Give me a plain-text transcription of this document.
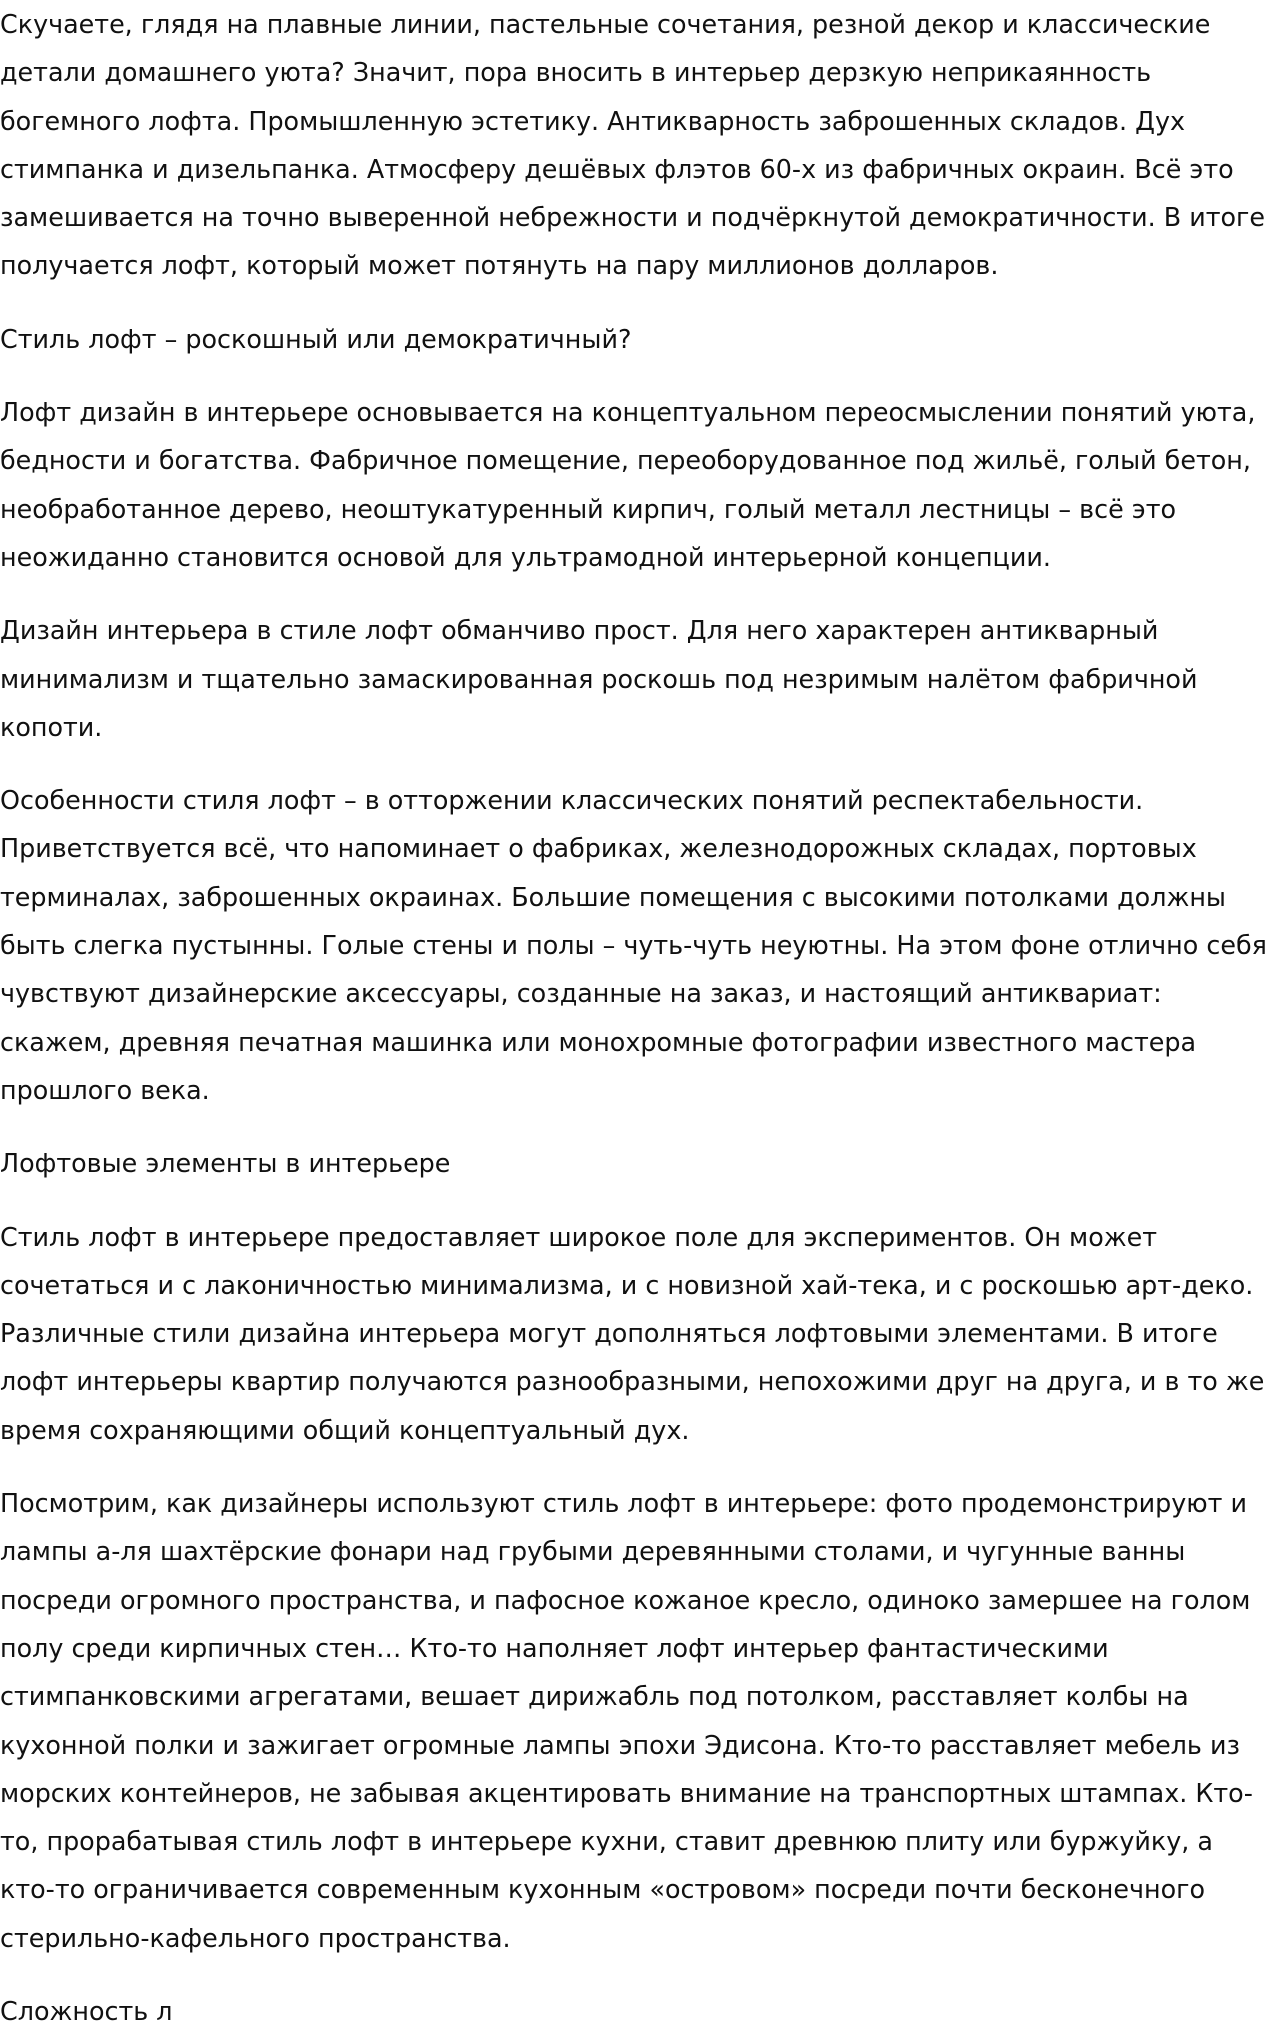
Скучаете, глядя на плавные линии, пастельные сочетания, резной декор и классические детали домашнего уюта? Значит, пора вносить в интерьер дерзкую неприкаянность богемного лофта. Промышленную эстетику. Антикварность заброшенных складов. Дух стимпанка и дизельпанка. Атмосферу дешёвых флэтов 60-х из фабричных окраин. Всё это замешивается на точно выверенной небрежности и подчёркнутой демократичности. В итоге получается лофт, который может потянуть на пару миллионов долларов.

Стиль лофт – роскошный или демократичный?

Лофт дизайн в интерьере основывается на концептуальном переосмыслении понятий уюта, бедности и богатства. Фабричное помещение, переоборудованное под жильё, голый бетон, необработанное дерево, неоштукатуренный кирпич, голый металл лестницы – всё это неожиданно становится основой для ультрамодной интерьерной концепции.

Дизайн интерьера в стиле лофт обманчиво прост. Для него характерен антикварный минимализм и тщательно замаскированная роскошь под незримым налётом фабричной копоти.

Особенности стиля лофт – в отторжении классических понятий респектабельности. Приветствуется всё, что напоминает о фабриках, железнодорожных складах, портовых терминалах, заброшенных окраинах. Большие помещения с высокими потолками должны быть слегка пустынны. Голые стены и полы – чуть-чуть неуютны. На этом фоне отлично себя чувствуют дизайнерские аксессуары, созданные на заказ, и настоящий антиквариат: скажем, древняя печатная машинка или монохромные фотографии известного мастера прошлого века.

Лофтовые элементы в интерьере

Стиль лофт в интерьере предоставляет широкое поле для экспериментов. Он может сочетаться и с лаконичностью минимализма, и с новизной хай-тека, и с роскошью арт-деко. Различные стили дизайна интерьера могут дополняться лофтовыми элементами. В итоге лофт интерьеры квартир получаются разнообразными, непохожими друг на друга, и в то же время сохраняющими общий концептуальный дух.

Посмотрим, как дизайнеры используют стиль лофт в интерьере: фото продемонстрируют и лампы а-ля шахтёрские фонари над грубыми деревянными столами, и чугунные ванны посреди огромного пространства, и пафосное кожаное кресло, одиноко замершее на голом полу среди кирпичных стен… Кто-то наполняет лофт интерьер фантастическими стимпанковскими агрегатами, вешает дирижабль под потолком, расставляет колбы на кухонной полки и зажигает огромные лампы эпохи Эдисона. Кто-то расставляет мебель из морских контейнеров, не забывая акцентировать внимание на транспортных штампах. Кто-то, прорабатывая стиль лофт в интерьере кухни, ставит древнюю плиту или буржуйку, а кто-то ограничивается современным кухонным «островом» посреди почти бесконечного стерильно-кафельного пространства.

Сложность л
